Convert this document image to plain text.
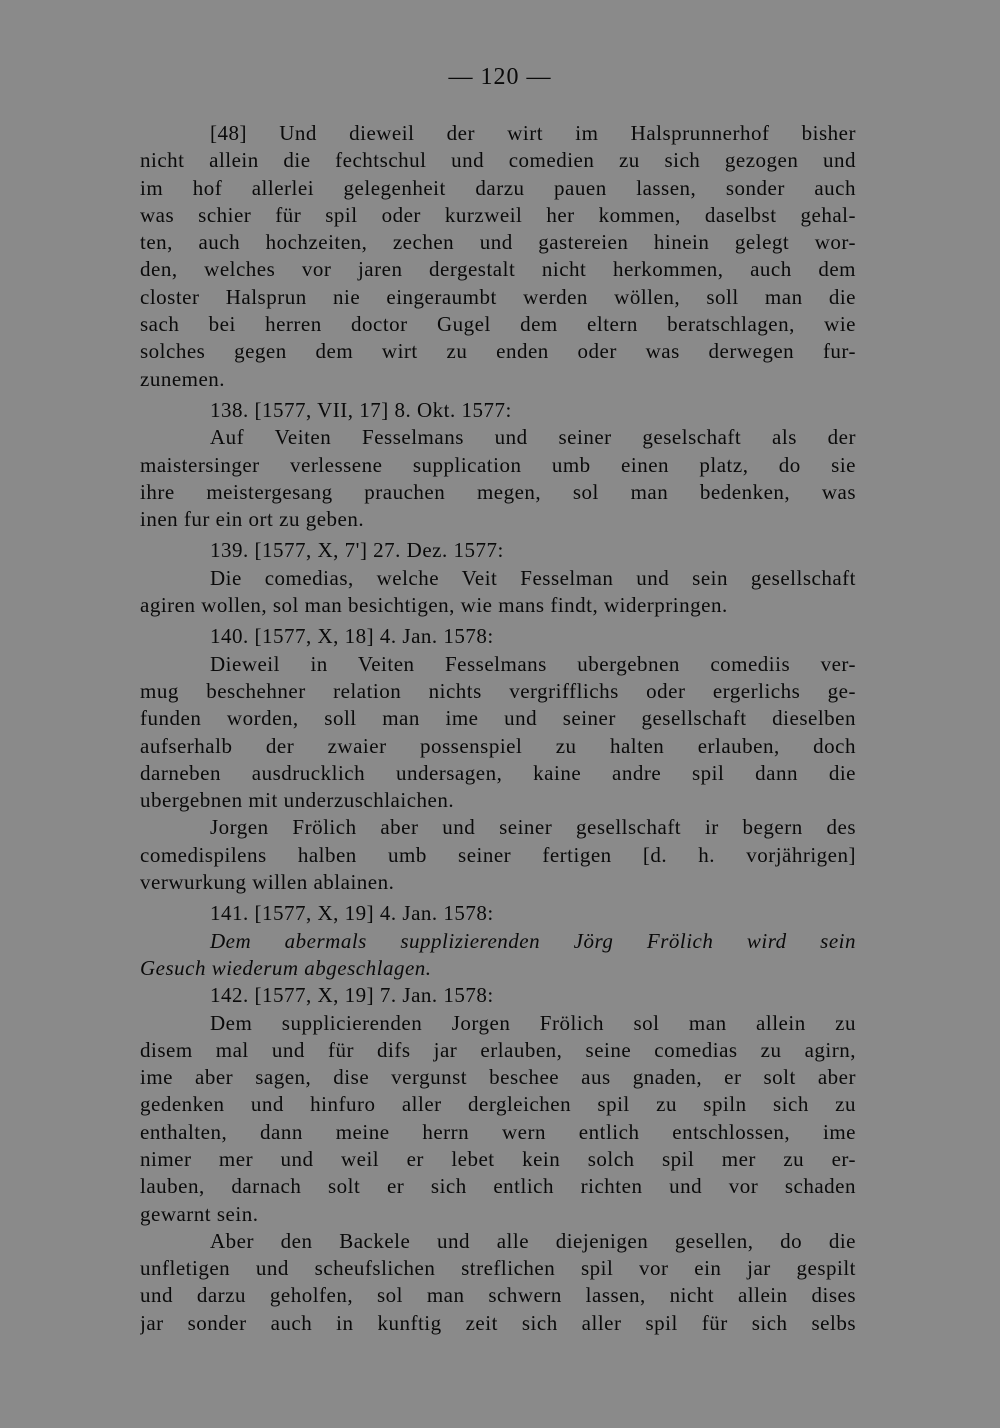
— 120 —
[48] Und dieweil der wirt im Halsprunnerhof bisher
nicht allein die fechtschul und comedien zu sich gezogen und
im hof allerlei gelegenheit darzu pauen lassen, sonder auch
was schier für spil oder kurzweil her kommen, daselbst gehal-
ten, auch hochzeiten, zechen und gastereien hinein gelegt wor-
den, welches vor jaren dergestalt nicht herkommen, auch dem
closter Halsprun nie eingeraumbt werden wöllen, soll man die
sach bei herren doctor Gugel dem eltern beratschlagen, wie
solches gegen dem wirt zu enden oder was derwegen fur-
zunemen.
138. [1577, VII, 17] 8. Okt. 1577:
Auf Veiten Fesselmans und seiner geselschaft als der
maistersinger verlessene supplication umb einen platz, do sie
ihre meistergesang prauchen megen, sol man bedenken, was
inen fur ein ort zu geben.
139. [1577, X, 7'] 27. Dez. 1577:
Die comedias, welche Veit Fesselman und sein gesellschaft
agiren wollen, sol man besichtigen, wie mans findt, widerpringen.
140. [1577, X, 18] 4. Jan. 1578:
Dieweil in Veiten Fesselmans ubergebnen comediis ver-
mug beschehner relation nichts vergrifflichs oder ergerlichs ge-
funden worden, soll man ime und seiner gesellschaft dieselben
aufserhalb der zwaier possenspiel zu halten erlauben, doch
darneben ausdrucklich undersagen, kaine andre spil dann die
ubergebnen mit underzuschlaichen.
Jorgen Frölich aber und seiner gesellschaft ir begern des
comedispilens halben umb seiner fertigen [d. h. vorjährigen]
verwurkung willen ablainen.
141. [1577, X, 19] 4. Jan. 1578:
Dem abermals supplizierenden Jörg Frölich wird sein
Gesuch wiederum abgeschlagen.
142. [1577, X, 19] 7. Jan. 1578:
Dem supplicierenden Jorgen Frölich sol man allein zu
disem mal und für difs jar erlauben, seine comedias zu agirn,
ime aber sagen, dise vergunst beschee aus gnaden, er solt aber
gedenken und hinfuro aller dergleichen spil zu spiln sich zu
enthalten, dann meine herrn wern entlich entschlossen, ime
nimer mer und weil er lebet kein solch spil mer zu er-
lauben, darnach solt er sich entlich richten und vor schaden
gewarnt sein.
Aber den Backele und alle diejenigen gesellen, do die
unfletigen und scheufslichen streflichen spil vor ein jar gespilt
und darzu geholfen, sol man schwern lassen, nicht allein dises
jar sonder auch in kunftig zeit sich aller spil für sich selbs
